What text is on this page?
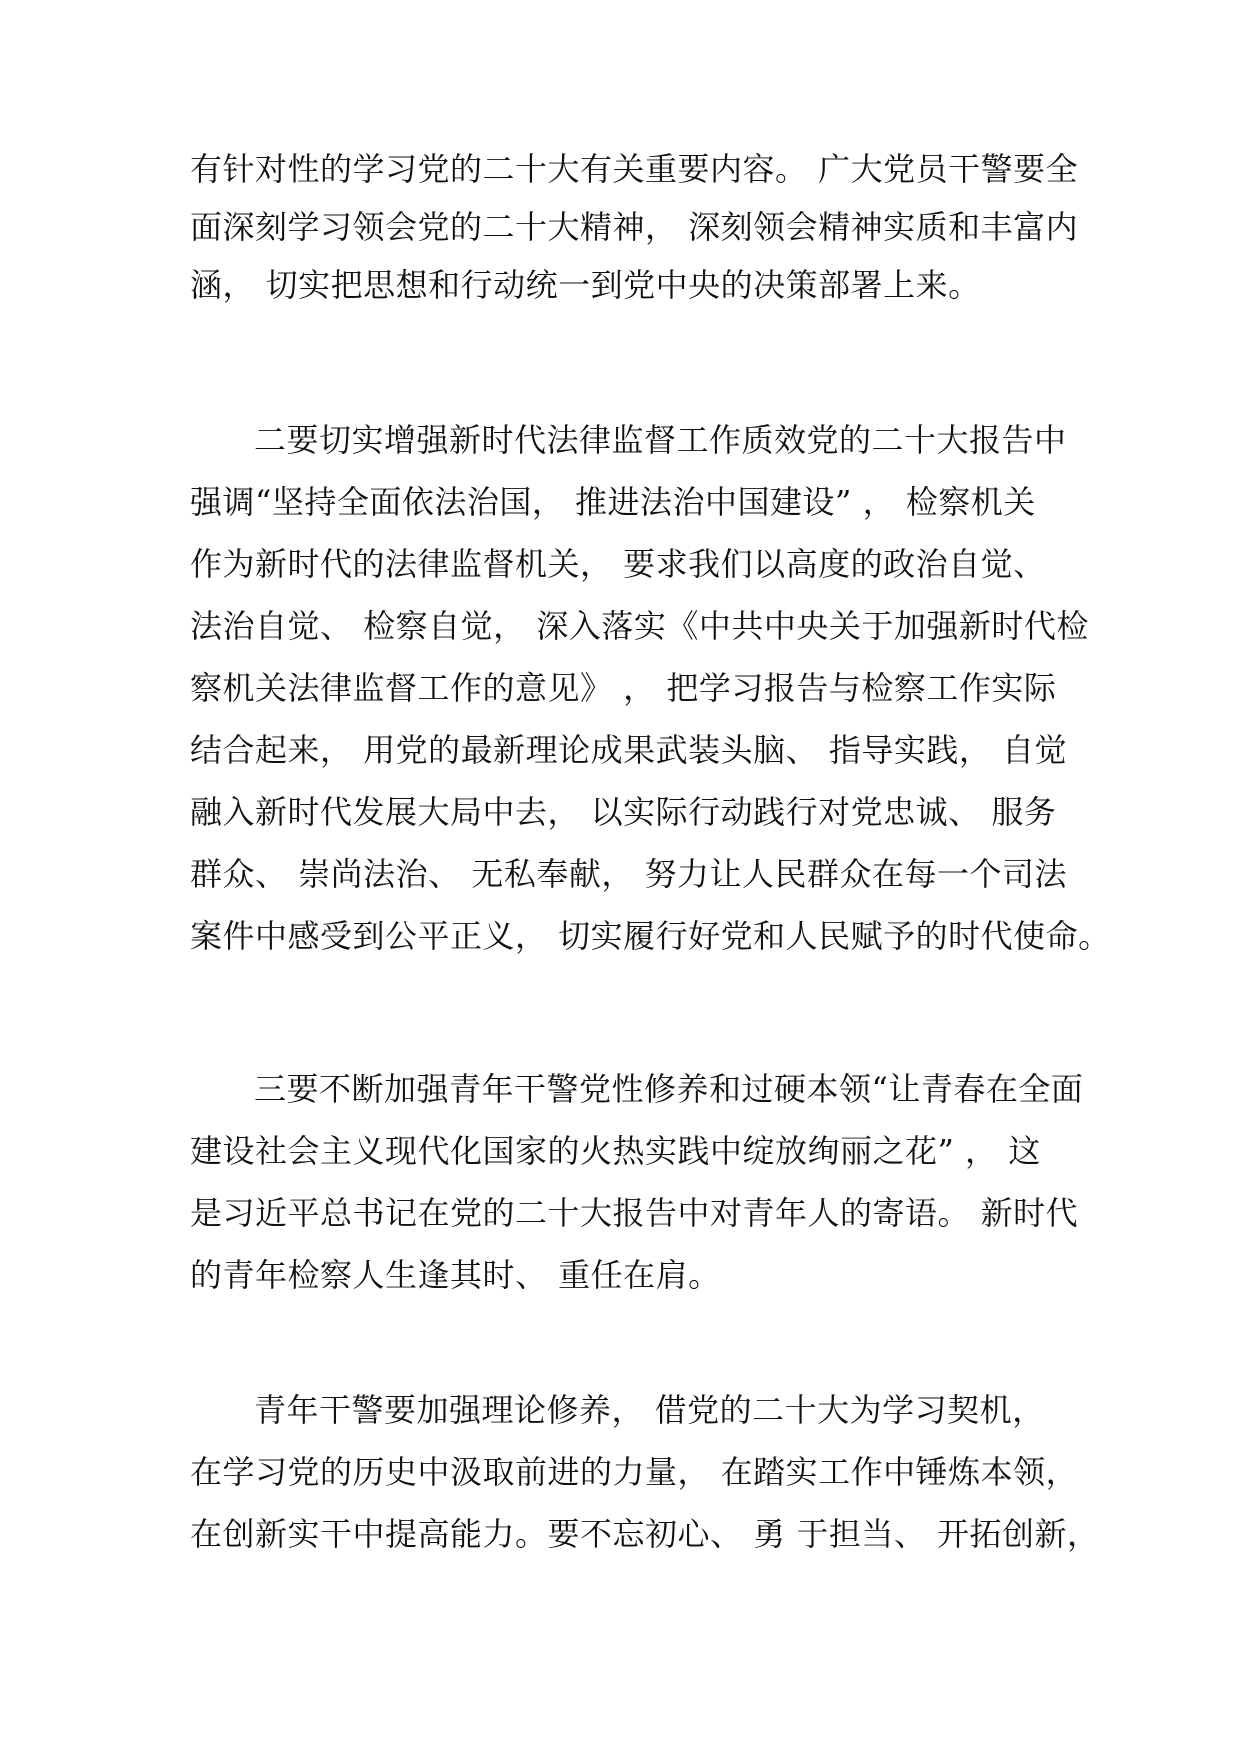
有针对性的学习党的二十大有关重要内容。 广大党员干警要全

面深刻学习领会党的二十大精神， 深刻领会精神实质和丰富内

涵， 切实把思想和行动统一到党中央的决策部署上来。

二要切实增强新时代法律监督工作质效党的二十大报告中

强调“坚持全面依法治国， 推进法治中国建设” ， 检察机关

作为新时代的法律监督机关， 要求我们以高度的政治自觉、

法治自觉、 检察自觉， 深入落实《中共中央关于加强新时代检

察机关法律监督工作的意见》 ， 把学习报告与检察工作实际

结合起来， 用党的最新理论成果武装头脑、 指导实践， 自觉

融入新时代发展大局中去， 以实际行动践行对党忠诚、 服务

群众、 崇尚法治、 无私奉献， 努力让人民群众在每一个司法

案件中感受到公平正义， 切实履行好党和人民赋予的时代使命。

三要不断加强青年干警党性修养和过硬本领“让青春在全面

建设社会主义现代化国家的火热实践中绽放绚丽之花” ， 这

是习近平总书记在党的二十大报告中对青年人的寄语。 新时代

的青年检察人生逢其时、 重任在肩。

青年干警要加强理论修养， 借党的二十大为学习契机，

在学习党的历史中汲取前进的力量， 在踏实工作中锤炼本领，

在创新实干中提高能力。要不忘初心、 勇 于担当、 开拓创新，
